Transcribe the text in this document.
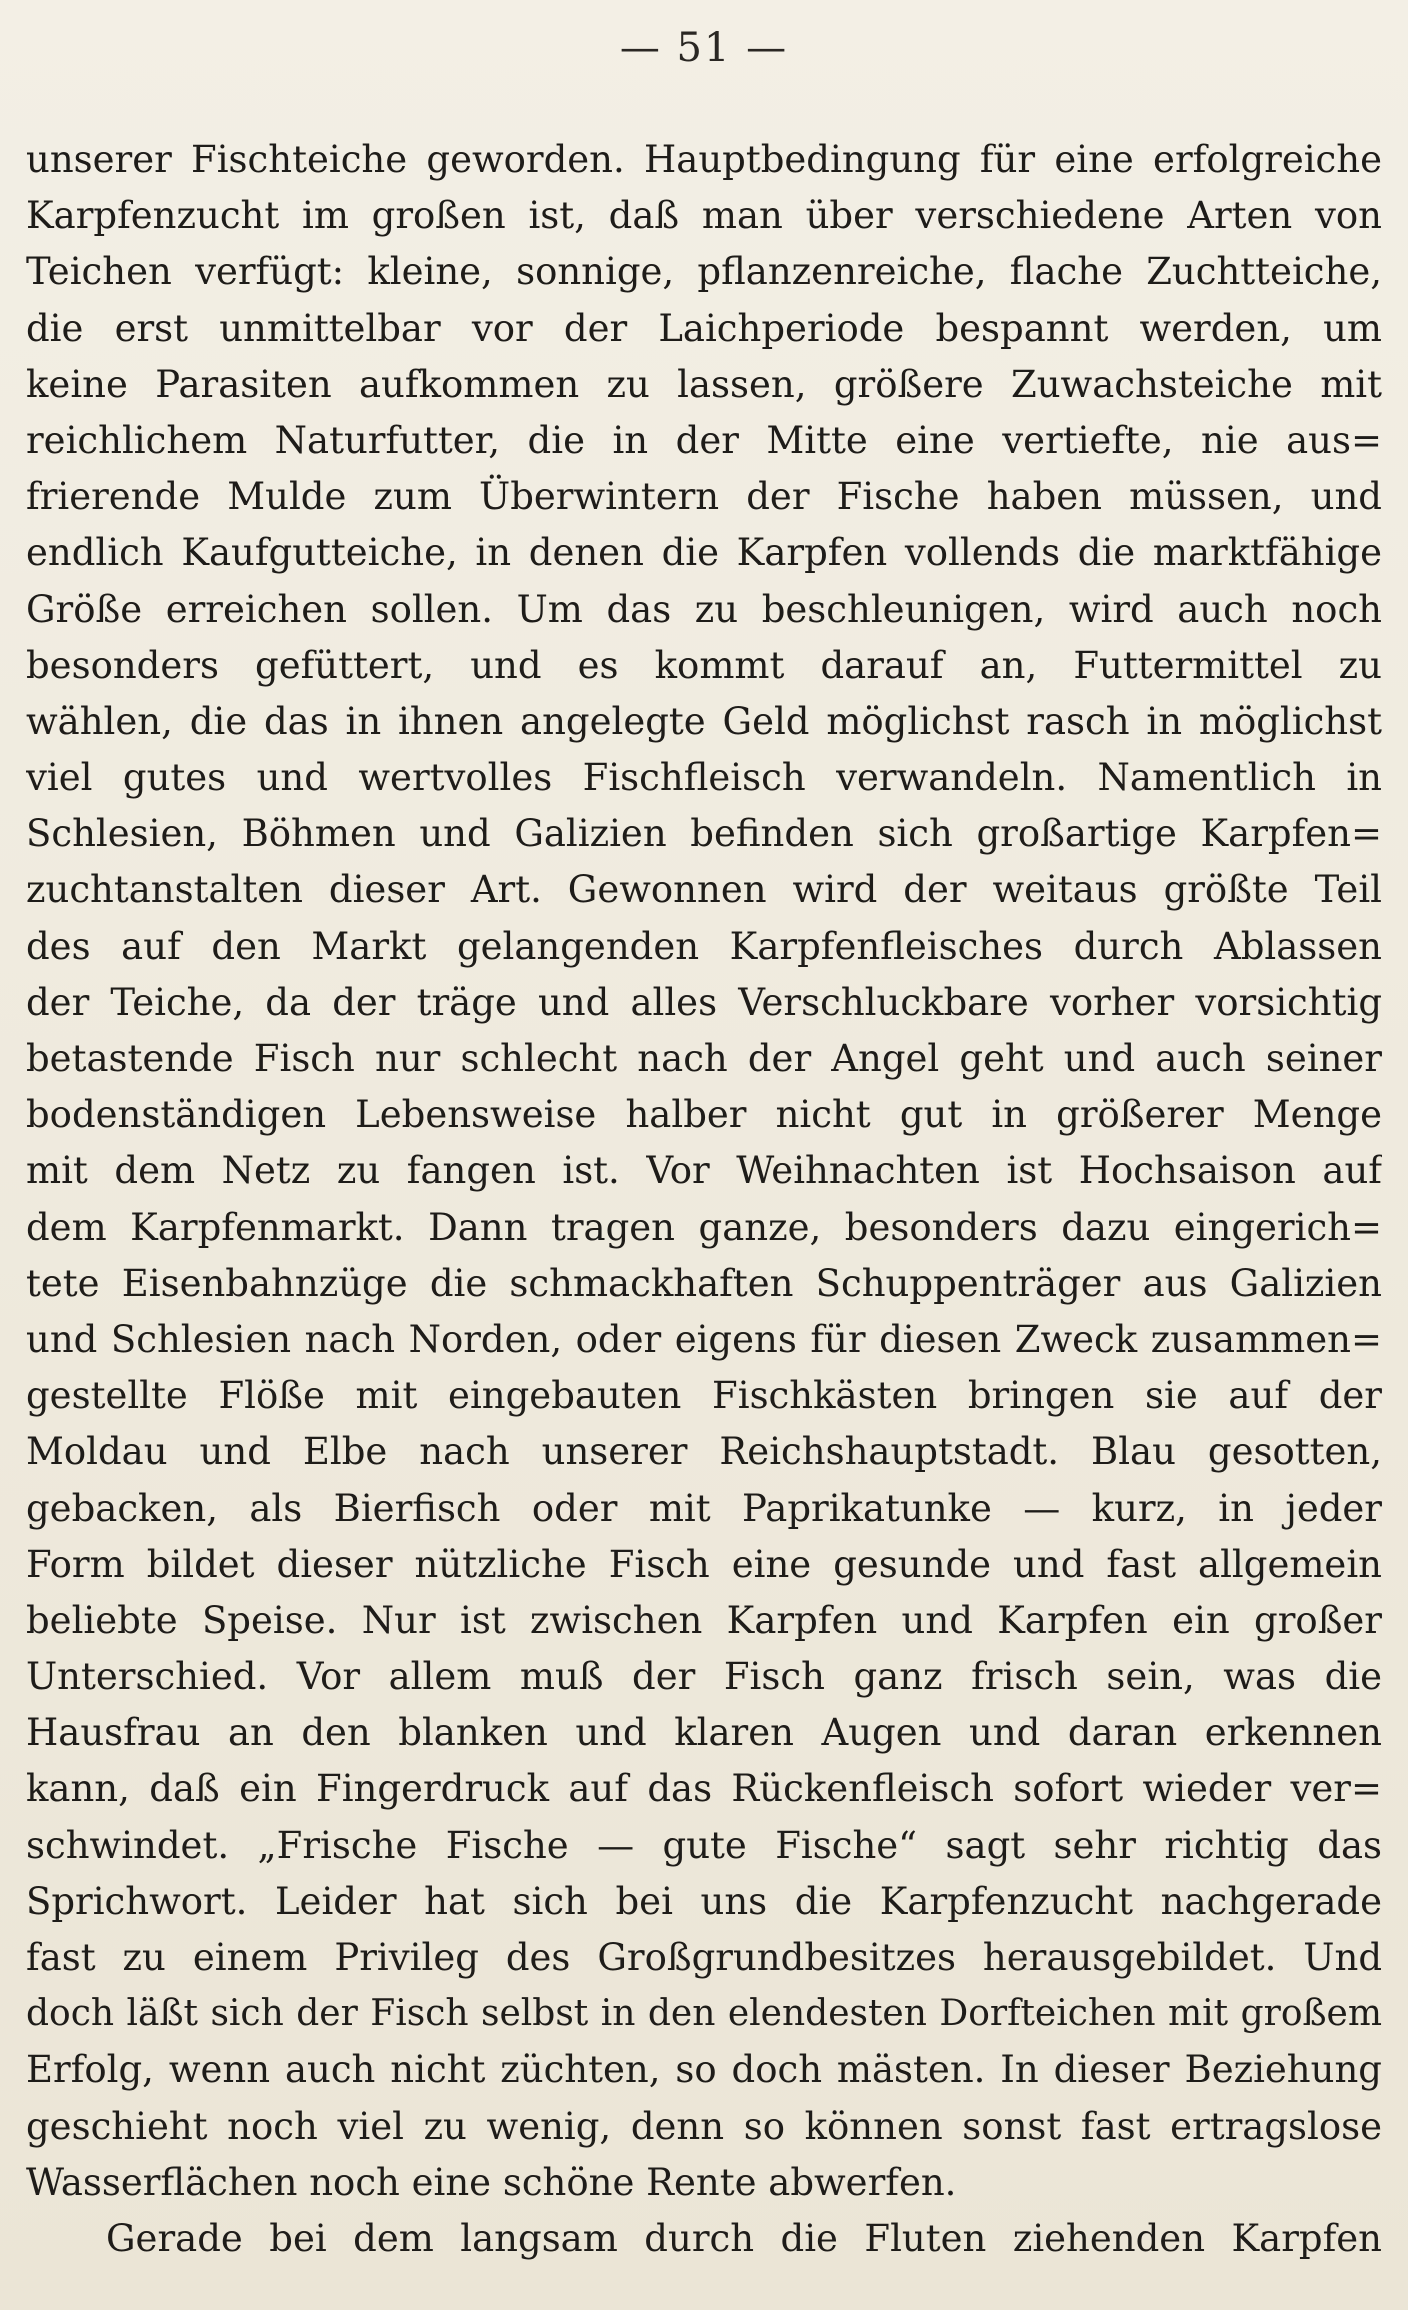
— 51 —
unserer Fischteiche geworden. Hauptbedingung für eine erfolgreiche
Karpfenzucht im großen ist, daß man über verschiedene Arten von
Teichen verfügt: kleine, sonnige, pflanzenreiche, flache Zuchtteiche,
die erst unmittelbar vor der Laichperiode bespannt werden, um
keine Parasiten aufkommen zu lassen, größere Zuwachsteiche mit
reichlichem Naturfutter, die in der Mitte eine vertiefte, nie aus=
frierende Mulde zum Überwintern der Fische haben müssen, und
endlich Kaufgutteiche, in denen die Karpfen vollends die marktfähige
Größe erreichen sollen. Um das zu beschleunigen, wird auch noch
besonders gefüttert, und es kommt darauf an, Futtermittel zu
wählen, die das in ihnen angelegte Geld möglichst rasch in möglichst
viel gutes und wertvolles Fischfleisch verwandeln. Namentlich in
Schlesien, Böhmen und Galizien befinden sich großartige Karpfen=
zuchtanstalten dieser Art. Gewonnen wird der weitaus größte Teil
des auf den Markt gelangenden Karpfenfleisches durch Ablassen
der Teiche, da der träge und alles Verschluckbare vorher vorsichtig
betastende Fisch nur schlecht nach der Angel geht und auch seiner
bodenständigen Lebensweise halber nicht gut in größerer Menge
mit dem Netz zu fangen ist. Vor Weihnachten ist Hochsaison auf
dem Karpfenmarkt. Dann tragen ganze, besonders dazu eingerich=
tete Eisenbahnzüge die schmackhaften Schuppenträger aus Galizien
und Schlesien nach Norden, oder eigens für diesen Zweck zusammen=
gestellte Flöße mit eingebauten Fischkästen bringen sie auf der
Moldau und Elbe nach unserer Reichshauptstadt. Blau gesotten,
gebacken, als Bierfisch oder mit Paprikatunke — kurz, in jeder
Form bildet dieser nützliche Fisch eine gesunde und fast allgemein
beliebte Speise. Nur ist zwischen Karpfen und Karpfen ein großer
Unterschied. Vor allem muß der Fisch ganz frisch sein, was die
Hausfrau an den blanken und klaren Augen und daran erkennen
kann, daß ein Fingerdruck auf das Rückenfleisch sofort wieder ver=
schwindet. „Frische Fische — gute Fische“ sagt sehr richtig das
Sprichwort. Leider hat sich bei uns die Karpfenzucht nachgerade
fast zu einem Privileg des Großgrundbesitzes herausgebildet. Und
doch läßt sich der Fisch selbst in den elendesten Dorfteichen mit großem
Erfolg, wenn auch nicht züchten, so doch mästen. In dieser Beziehung
geschieht noch viel zu wenig, denn so können sonst fast ertragslose
Wasserflächen noch eine schöne Rente abwerfen.
Gerade bei dem langsam durch die Fluten ziehenden Karpfen
